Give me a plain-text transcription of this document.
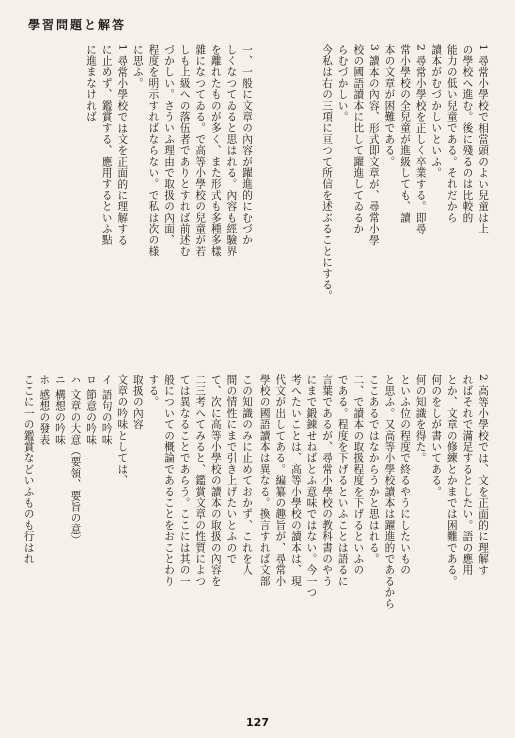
學習問題と解答
1 尋常小學校で相當頭のよい兒童は上
の學校へ進む。後に殘るのは比較的
能力の低い兒童である。それだから
讀本がむづかしいといふ。
2 尋常小學校を正しく卒業する。即尋
常小學校の全兒童が進級しても、讀
本の文章が困難である。
3 讀本の內容、形式即文章が、尋常小學
校の國語讀本に比して躍進してゐるか
らむづかしい。
今私は右の三項に亘つて所信を述ぶることにする。
一、一般に文章の內容が躍進的にむづか
しくなつてゐると思はれる。內容も經驗界
を離れたものが多く、また形式も多種多樣
雜になつてゐる。で高等小學校の兒童が若
しも上級への落伍者でありとすれば前述む
づかしい。さういふ理由で取扱の內面、
程度を明示すればならない。で私は次の様
に思ふ。
1 尋常小學校では文を正面的に理解する
に止めず、鑑賞する、應用するといふ點
に進まなければ
2 高等小學校では、文を正面的に理解す
ればそれで滿足するとしたい。語の應用
とか、文章の修練とかまでは困難である。
何のをしが書いてある。
何の知識を得た。
といふ位の程度で終るやうにしたいもの
と思ふ。又高等小學校讀本は躍進的であるから
ここあるではなからうかと思はれる。
二、で讀本の取扱程度を下げるといふの
である。程度を下げるといふことは語るに
言葉であるが、尋常小學校の教科書のやう
にまで鍛錬せねばとふ意味ではない。今一つ
考へたいことは、高等小學校の讀本は、現
代文が出してある。編纂の趣旨が、尋常小
學校の國語讀本は異なる。換言すれば文部

この知識のみに止めておかず、これを人
間の情性にまで引き上げたいとふので
て、次に高等小學校の讀本の取扱の內容を
二三考へてみると、鑑賞文章の性質によつ
ては異なることであらう。ここには其の一
般についての概論であることをおことわり
する。
取扱の內容
文章の吟味としては、
イ 語句の吟味
ロ 節意の吟味
ハ 文章の大意（要領、要旨の意）
ニ 構想の吟味
ホ 感想の發表
ここに一の鑑賞などいふものも行はれ

127
